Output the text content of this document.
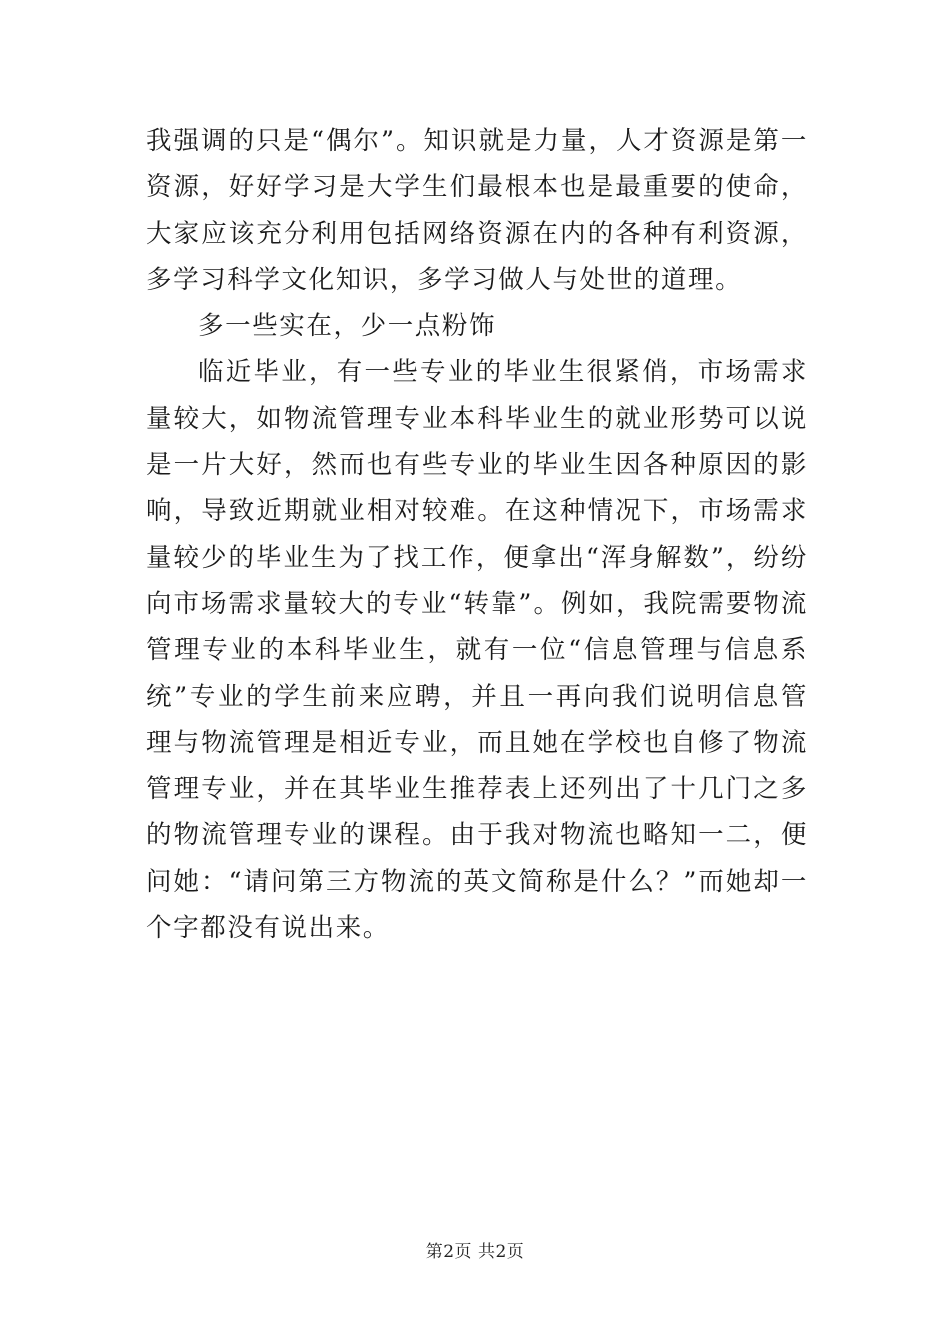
我强调的只是“偶尔”。知识就是力量，人才资源是第一资源，好好学习是大学生们最根本也是最重要的使命，大家应该充分利用包括网络资源在内的各种有利资源，多学习科学文化知识，多学习做人与处世的道理。

多一些实在，少一点粉饰

临近毕业，有一些专业的毕业生很紧俏，市场需求量较大，如物流管理专业本科毕业生的就业形势可以说是一片大好，然而也有些专业的毕业生因各种原因的影响，导致近期就业相对较难。在这种情况下，市场需求量较少的毕业生为了找工作，便拿出“浑身解数”，纷纷向市场需求量较大的专业“转靠”。例如，我院需要物流管理专业的本科毕业生，就有一位“信息管理与信息系统”专业的学生前来应聘，并且一再向我们说明信息管理与物流管理是相近专业，而且她在学校也自修了物流管理专业，并在其毕业生推荐表上还列出了十几门之多的物流管理专业的课程。由于我对物流也略知一二，便问她：“请问第三方物流的英文简称是什么？”而她却一个字都没有说出来。

第2页 共2页
